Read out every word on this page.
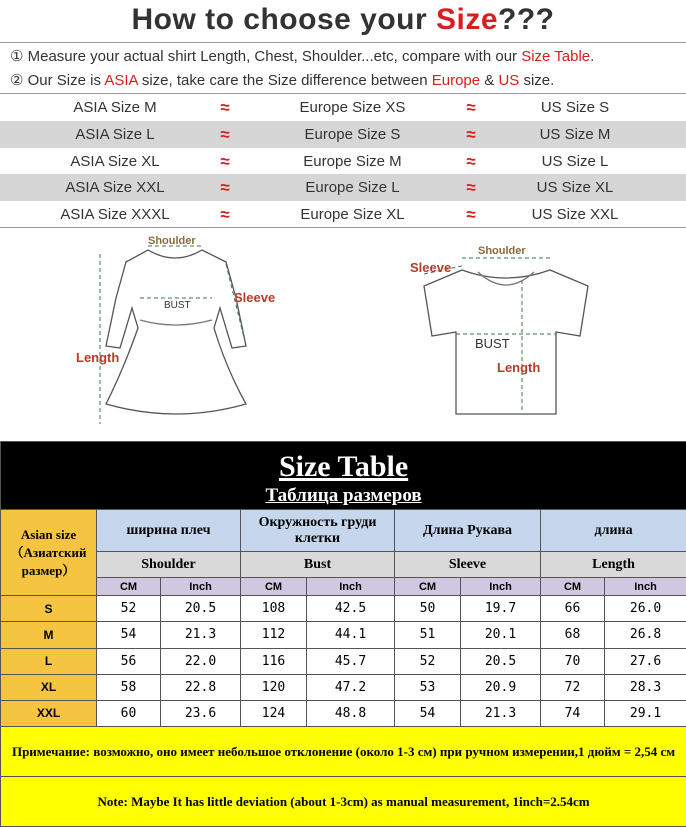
How to choose your Size???
① Measure your actual shirt Length, Chest, Shoulder...etc, compare with our Size Table.
② Our Size is ASIA size, take care the Size difference between Europe & US size.
ASIA Size M	≈	Europe Size XS	≈	US Size S
ASIA Size L	≈	Europe Size S	≈	US Size M
ASIA Size XL	≈	Europe Size M	≈	US Size L
ASIA Size XXL	≈	Europe Size L	≈	US Size XL
ASIA Size XXXL	≈	Europe Size XL	≈	US Size XXL
Shoulder
BUST
Sleeve
Length
Shoulder
BUST
Sleeve
Length
Size Table								
Таблица размеров								

Asian size
（Азиатский размер）	ширина плеч		Окружность груди клетки		Длина Рукава		длина	
	Shoulder		Bust		Sleeve		Length	
	CM	Inch	CM	Inch	CM	Inch	CM	Inch
S	52	20.5	108	42.5	50	19.7	66	26.0
M	54	21.3	112	44.1	51	20.1	68	26.8
L	56	22.0	116	45.7	52	20.5	70	27.6
XL	58	22.8	120	47.2	53	20.9	72	28.3
XXL	60	23.6	124	48.8	54	21.3	74	29.1
Примечание: возможно, оно имеет небольшое отклонение (около 1-3 см) при ручном измерении,1 дюйм = 2,54 см								
Note: Maybe It has little deviation (about 1-3cm) as manual measurement, 1inch=2.54cm								
